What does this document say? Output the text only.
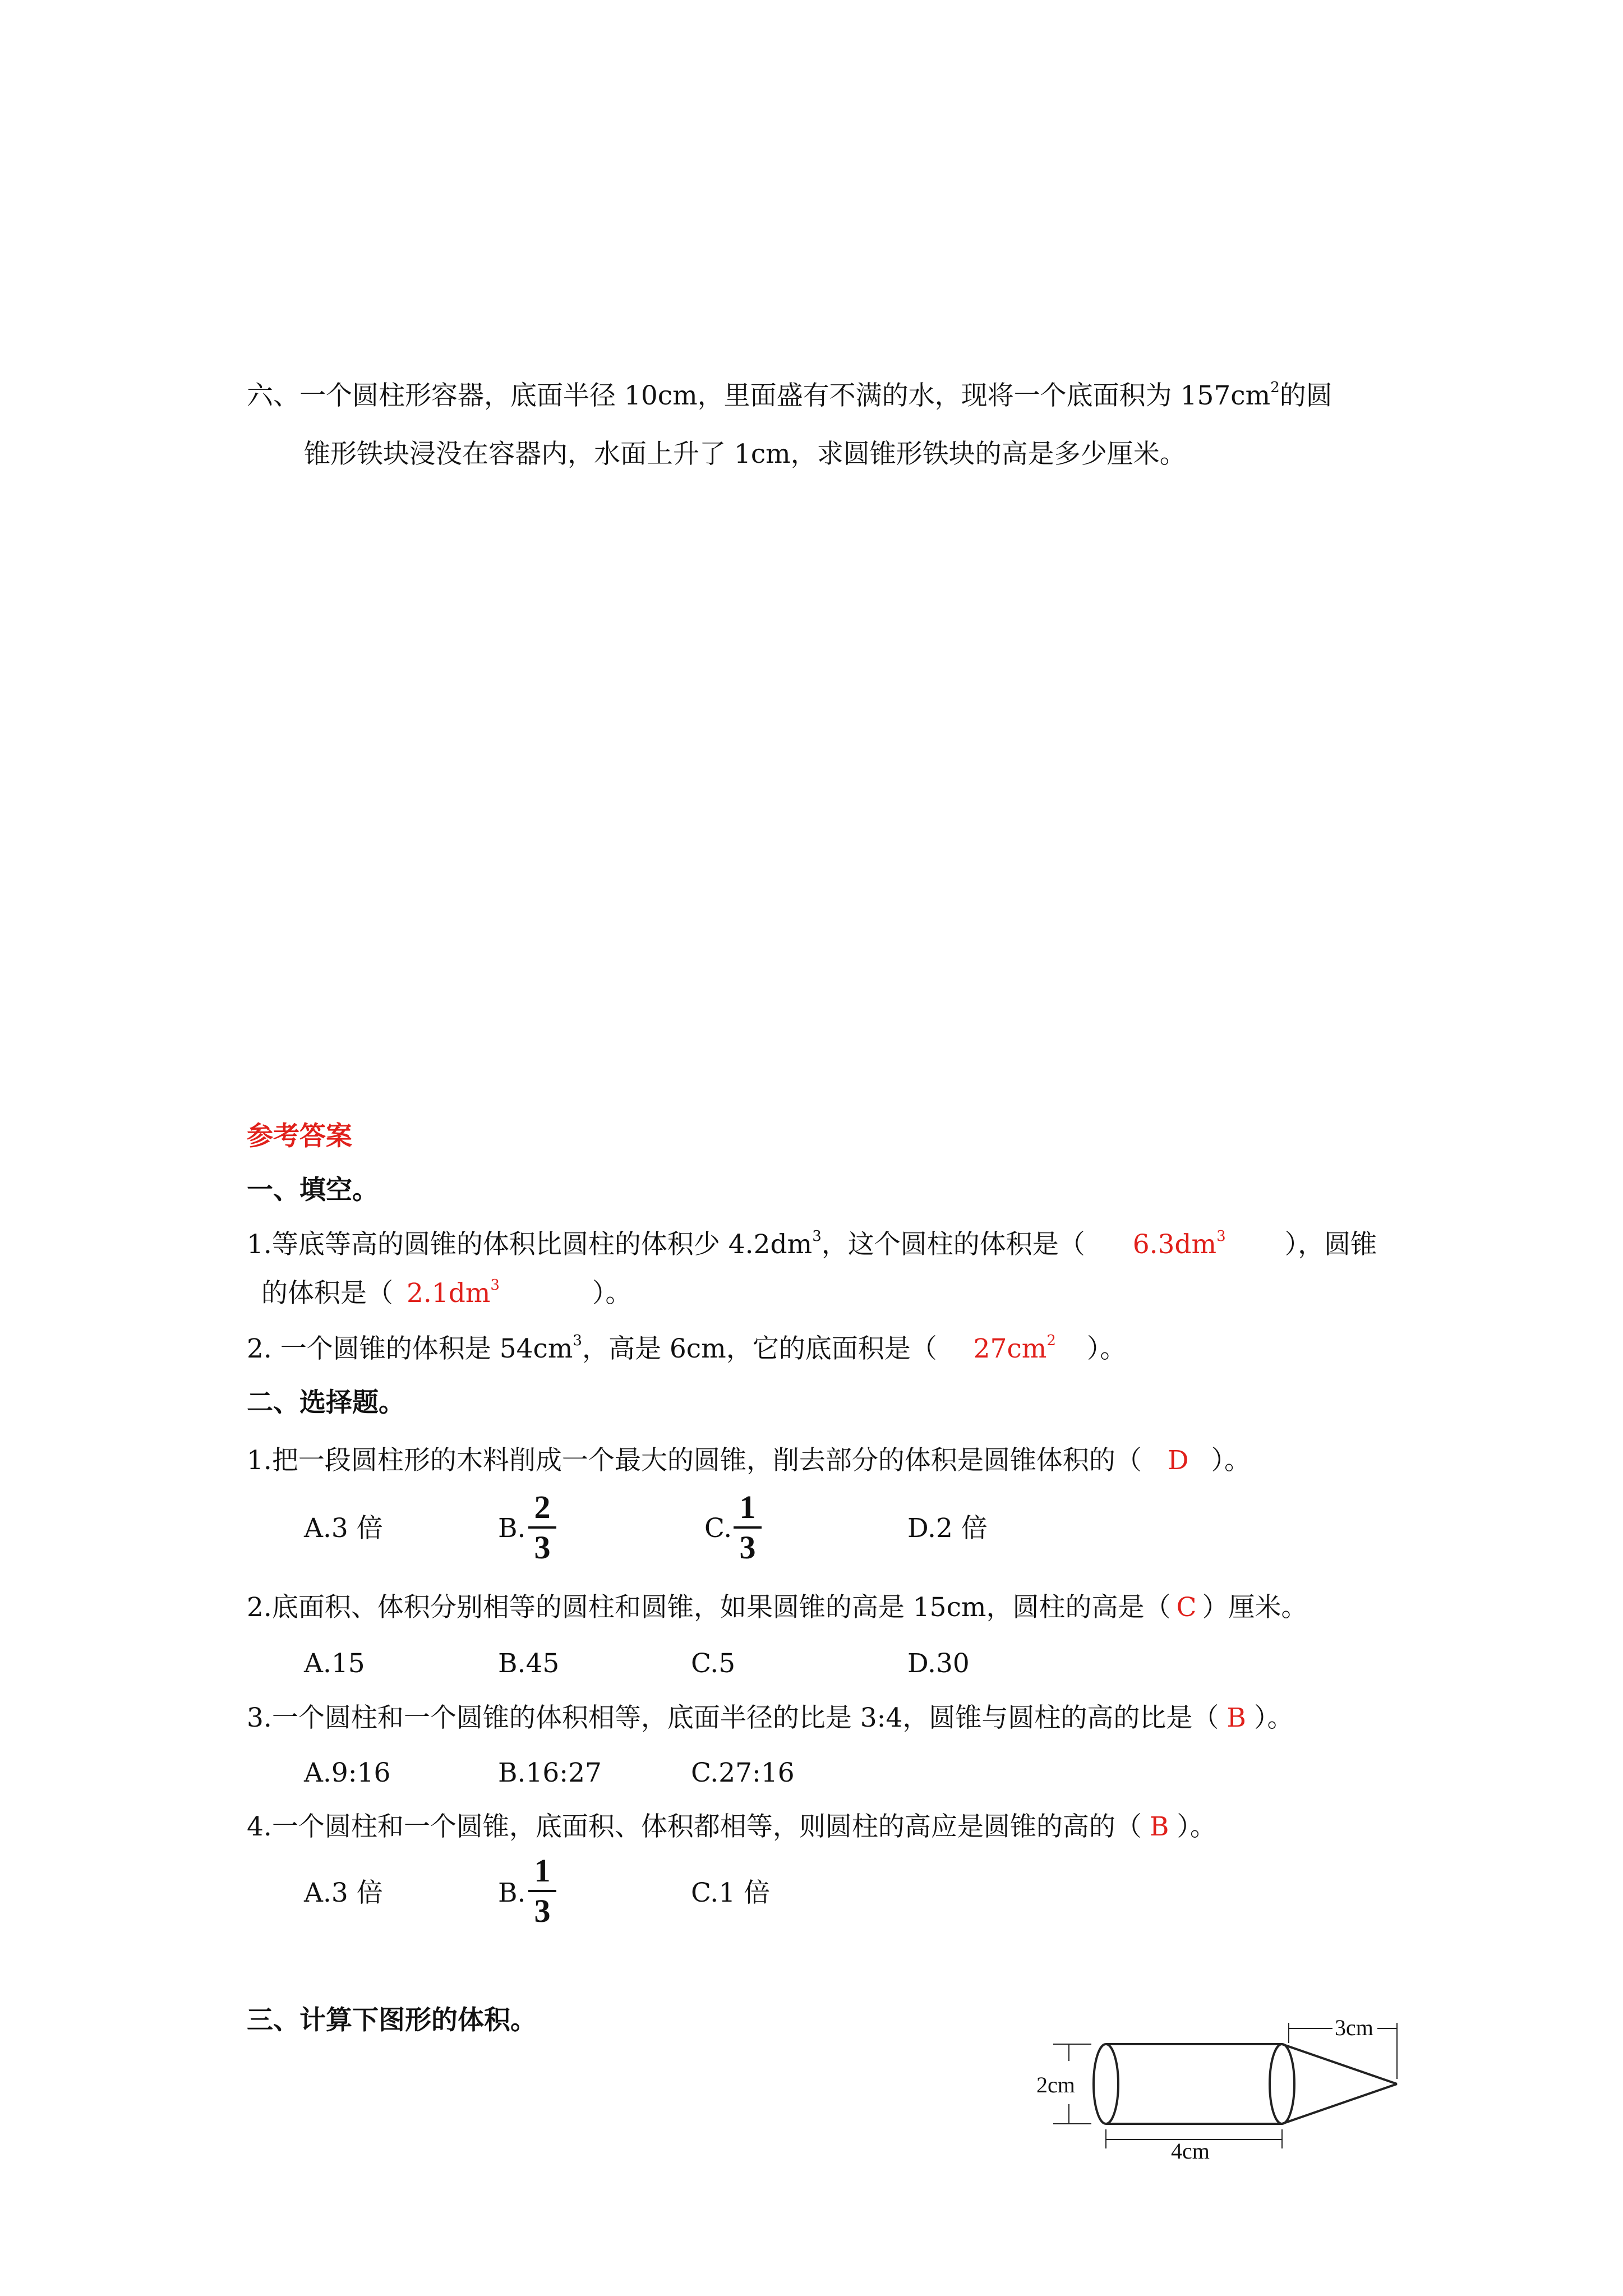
六、一个圆柱形容器，底面半径 10cm，里面盛有不满的水，现将一个底面积为 $157cm^2$的圆
锥形铁块浸没在容器内，水面上升了 1cm，求圆锥形铁块的高是多少厘米。
参考答案
一、填空。
1.等底等高的圆锥的体积比圆柱的体积少 $4.2dm^3$，这个圆柱的体积是（ $6.3dm^3$ ），圆锥
的体积是（ $2.1dm^3$	）。
2. 一个圆锥的体积是 $54cm^3$，高是 6cm，它的底面积是（ $27cm^2$ ）。
二、选择题。
1.把一段圆柱形的木料削成一个最大的圆锥，削去部分的体积是圆锥体积的（ D ）。
A.3 倍	B.
2
3
C.
1
3
D.2 倍
2.底面积、体积分别相等的圆柱和圆锥，如果圆锥的高是 15cm，圆柱的高是（ C ）厘米。
A.15	B.45	C.5	D.30
3.一个圆柱和一个圆锥的体积相等，底面半径的比是 3:4，圆锥与圆柱的高的比是（ B ）。
A.9:16	B.16:27	C.27:16
4.一个圆柱和一个圆锥，底面积、体积都相等，则圆柱的高应是圆锥的高的（ B ）。
A.3 倍	B.
1
3	C.1 倍
三、计算下图形的体积。	3cm
2cm
4cm
